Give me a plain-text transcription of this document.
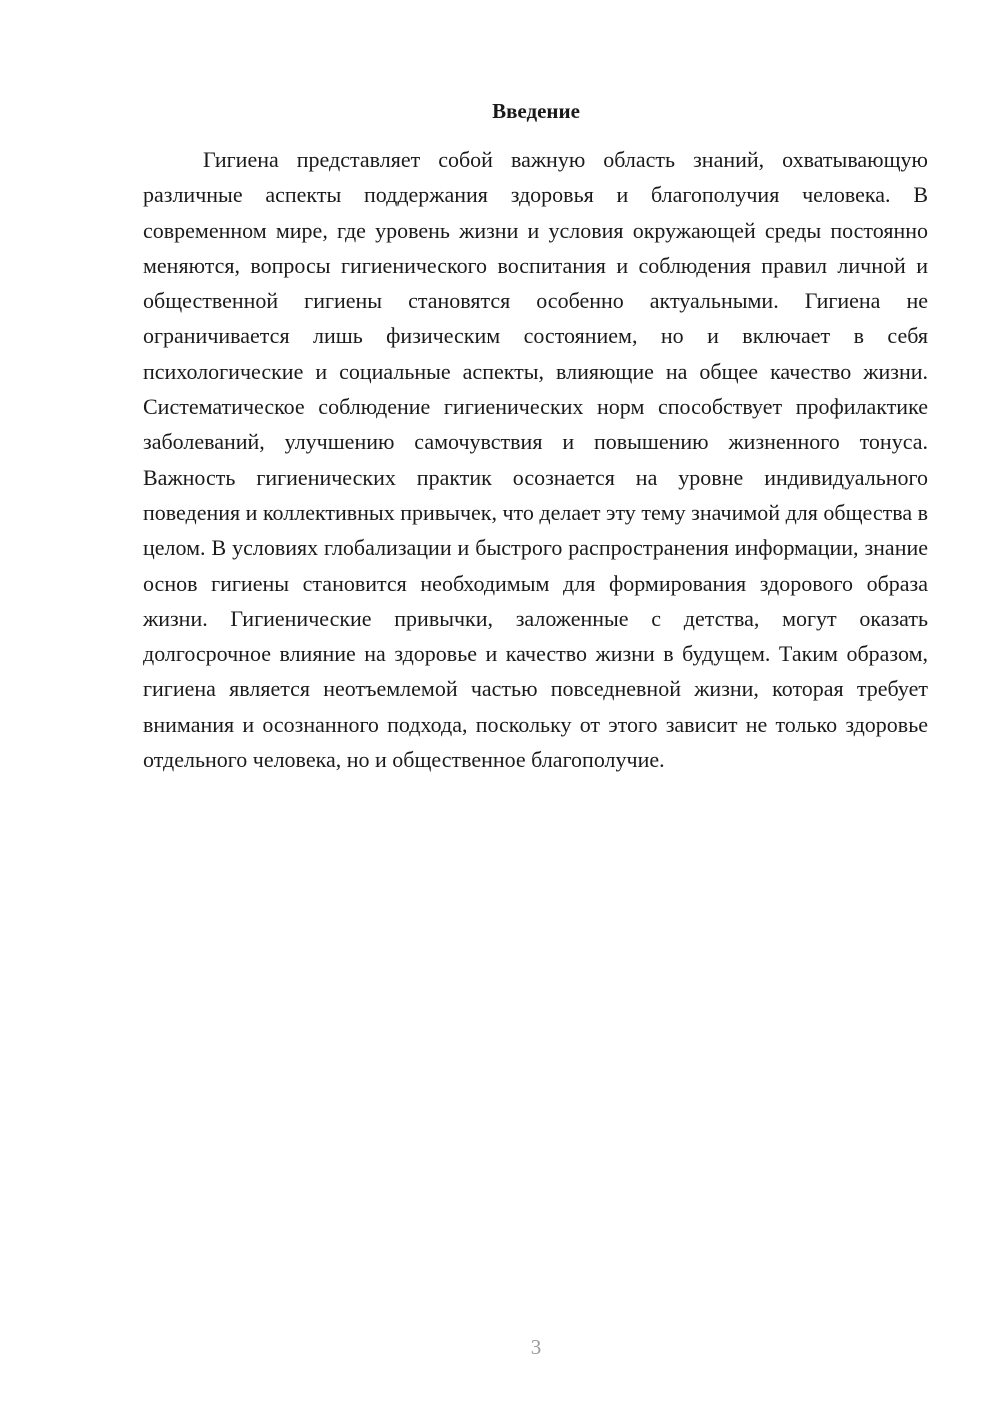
Введение

Гигиена представляет собой важную область знаний, охватывающую различные аспекты поддержания здоровья и благополучия человека. В современном мире, где уровень жизни и условия окружающей среды постоянно меняются, вопросы гигиенического воспитания и соблюдения правил личной и общественной гигиены становятся особенно актуальными. Гигиена не ограничивается лишь физическим состоянием, но и включает в себя психологические и социальные аспекты, влияющие на общее качество жизни. Систематическое соблюдение гигиенических норм способствует профилактике заболеваний, улучшению самочувствия и повышению жизненного тонуса. Важность гигиенических практик осознается на уровне индивидуального поведения и коллективных привычек, что делает эту тему значимой для общества в целом. В условиях глобализации и быстрого распространения информации, знание основ гигиены становится необходимым для формирования здорового образа жизни. Гигиенические привычки, заложенные с детства, могут оказать долгосрочное влияние на здоровье и качество жизни в будущем. Таким образом, гигиена является неотъемлемой частью повседневной жизни, которая требует внимания и осознанного подхода, поскольку от этого зависит не только здоровье отдельного человека, но и общественное благополучие.

3
